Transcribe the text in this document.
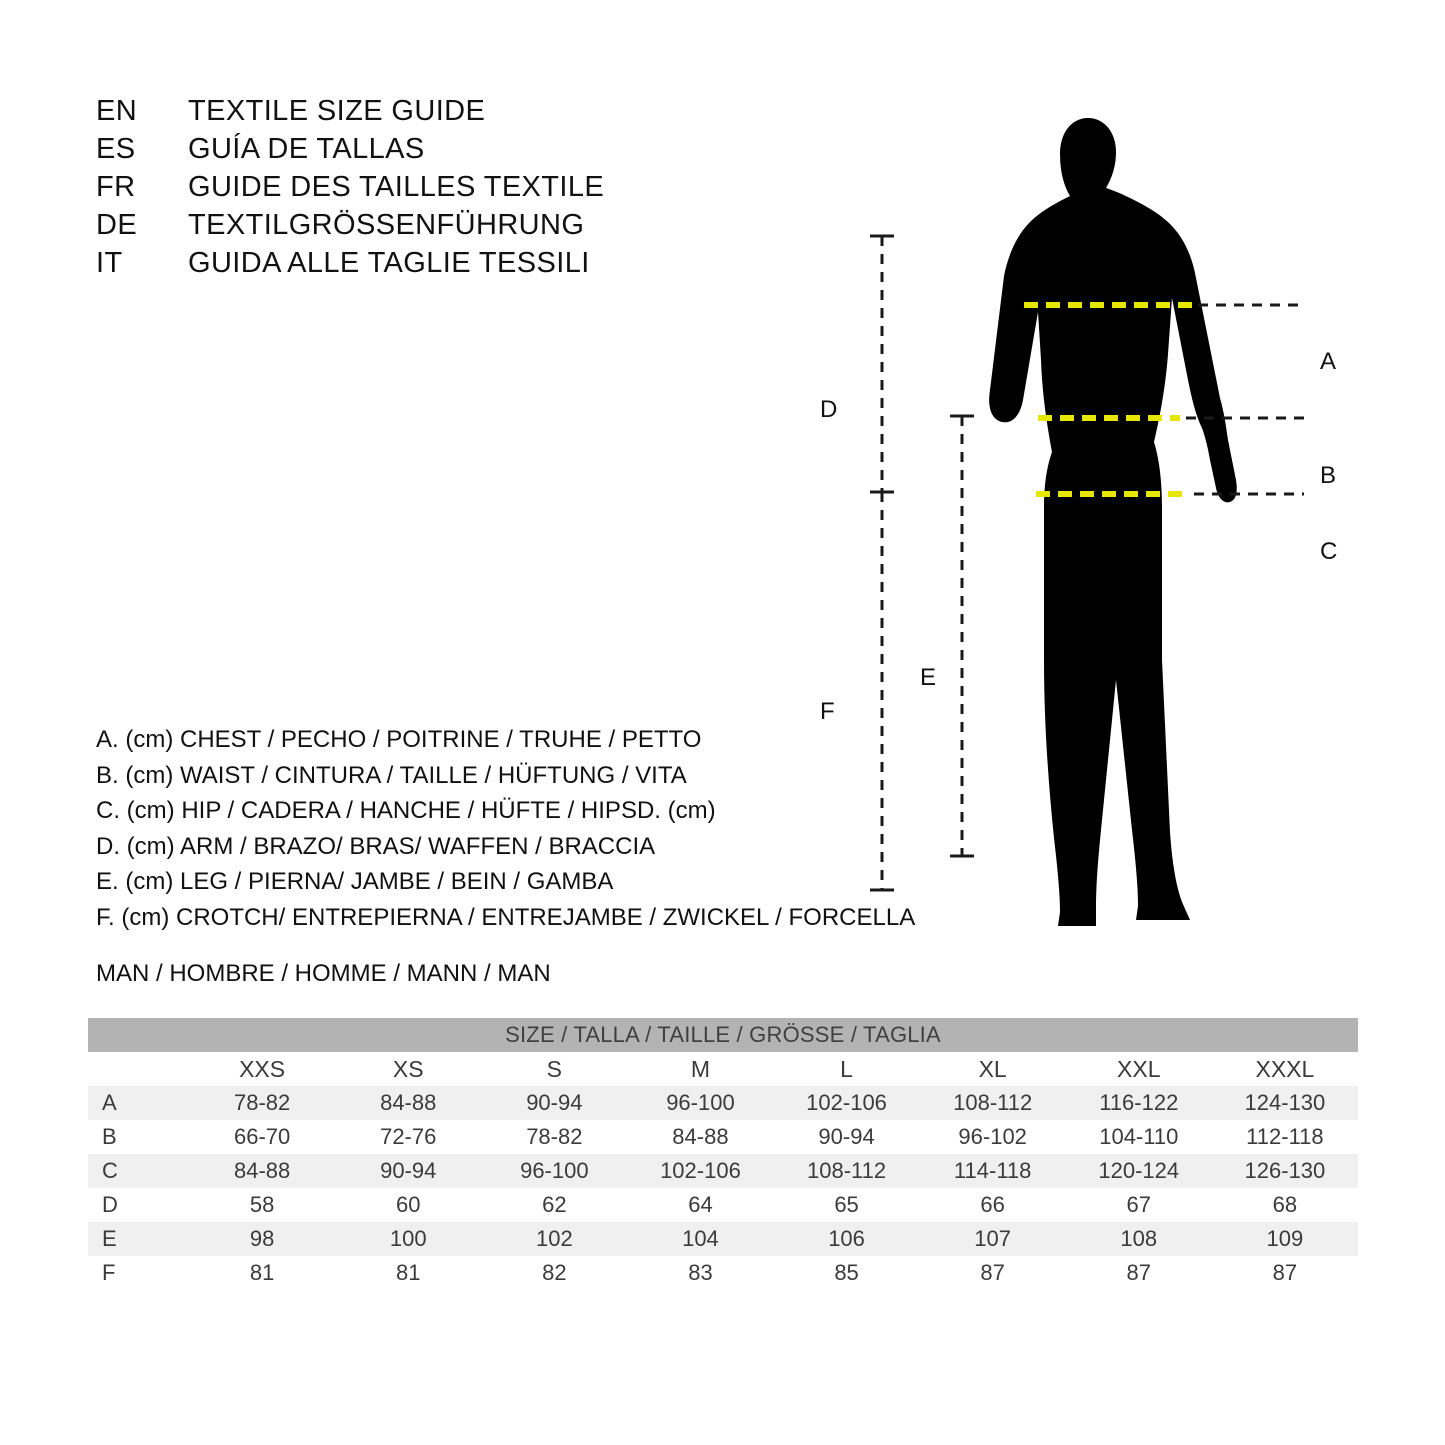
EN	TEXTILE SIZE GUIDE
ES	GUÍA DE TALLAS
FR	GUIDE DES TAILLES TEXTILE
DE	TEXTILGRÖSSENFÜHRUNG
IT	GUIDA ALLE TAGLIE TESSILI
A. (cm) CHEST / PECHO / POITRINE / TRUHE / PETTO
B. (cm) WAIST / CINTURA / TAILLE / HÜFTUNG / VITA
C. (cm) HIP / CADERA / HANCHE / HÜFTE / HIPSD. (cm)
D. (cm) ARM / BRAZO/ BRAS/ WAFFEN / BRACCIA
E. (cm) LEG / PIERNA/ JAMBE / BEIN / GAMBA
F. (cm) CROTCH/ ENTREPIERNA / ENTREJAMBE / ZWICKEL / FORCELLA
MAN / HOMBRE / HOMME / MANN / MAN
A
B
C
D
E
F
SIZE / TALLA / TAILLE / GRÖSSE / TAGLIA								
	XXS	XS	S	M	L	XL	XXL	XXXL
A	78-82	84-88	90-94	96-100	102-106	108-112	116-122	124-130
B	66-70	72-76	78-82	84-88	90-94	96-102	104-110	112-118
C	84-88	90-94	96-100	102-106	108-112	114-118	120-124	126-130
D	58	60	62	64	65	66	67	68
E	98	100	102	104	106	107	108	109
F	81	81	82	83	85	87	87	87
